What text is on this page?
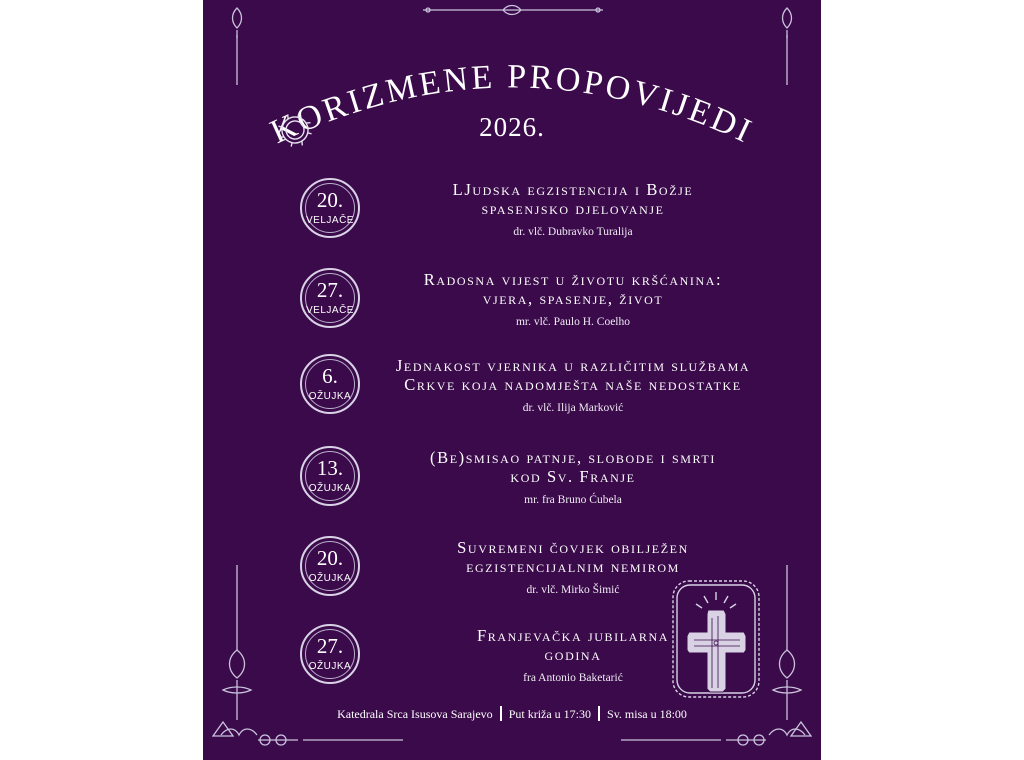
KORIZMENE PROPOVIJEDI
2026.
20.
VELJAČE
LJudska egzistencija i Božje
spasenjsko djelovanje
dr. vlč. Dubravko Turalija
27.
VELJAČE
Radosna vijest u životu kršćanina:
vjera, spasenje, život
mr. vlč. Paulo H. Coelho
6.
OŽUJKA
Jednakost vjernika u različitim službama
Crkve koja nadomješta naše nedostatke
dr. vlč. Ilija Marković
13.
OŽUJKA
(Be)smisao patnje, slobode i smrti
kod Sv. Franje
mr. fra Bruno Ćubela
20.
OŽUJKA
Suvremeni čovjek obilježen
egzistencijalnim nemirom
dr. vlč. Mirko Šimić
27.
OŽUJKA
Franjevačka jubilarna
godina
fra Antonio Baketarić
Katedrala Srca Isusova Sarajevo Put križa u 17:30 Sv. misa u 18:00
